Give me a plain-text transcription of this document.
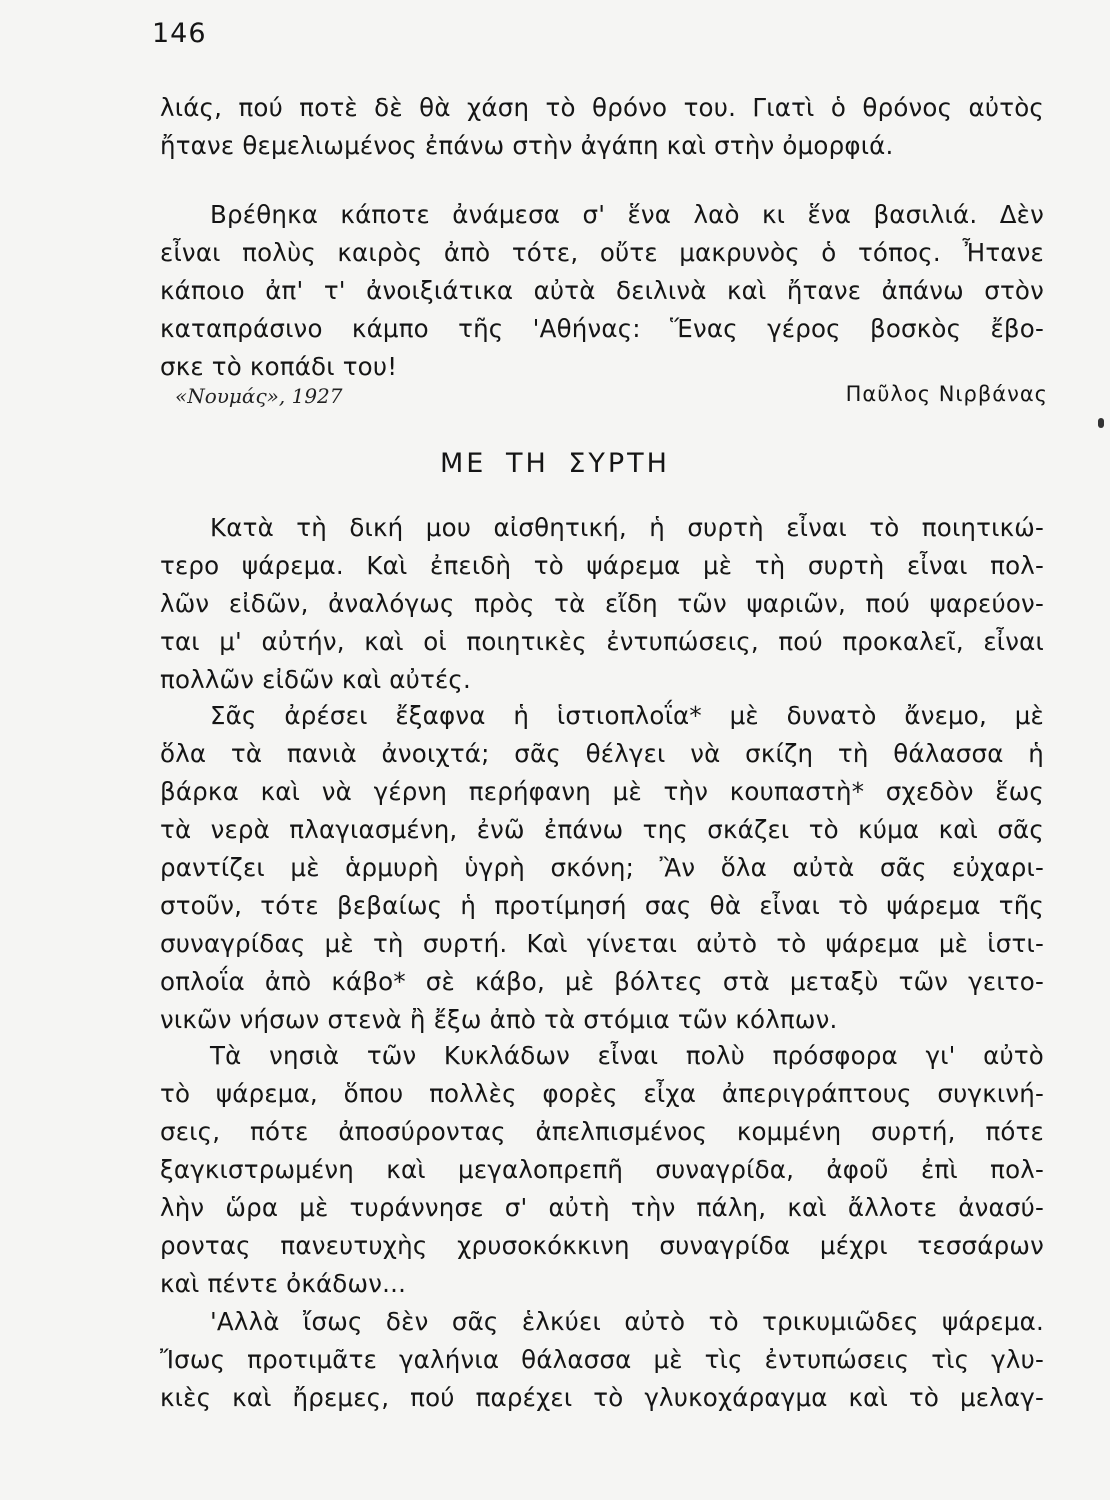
146
λιάς, πού ποτὲ δὲ θὰ χάση τὸ θρόνο του. Γιατὶ ὁ θρόνος αὐτὸς
ἤτανε θεμελιωμένος ἐπάνω στὴν ἀγάπη καὶ στὴν ὀμορφιά.
Βρέθηκα κάποτε ἀνάμεσα σ' ἕνα λαὸ κι ἕνα βασιλιά. Δὲν
εἶναι πολὺς καιρὸς ἀπὸ τότε, οὔτε μακρυνὸς ὁ τόπος. Ἦτανε
κάποιο ἀπ' τ' ἀνοιξιάτικα αὐτὰ δειλινὰ καὶ ἤτανε ἀπάνω στὸν
καταπράσινο κάμπο τῆς 'Αθήνας: Ἕνας γέρος βοσκὸς ἔβο-
σκε τὸ κοπάδι του!
«Νουμάς», 1927	Παῦλος Νιρβάνας
ΜΕ ΤΗ ΣΥΡΤΗ
Κατὰ τὴ δική μου αἰσθητική, ἡ συρτὴ εἶναι τὸ ποιητικώ-
τερο ψάρεμα. Καὶ ἐπειδὴ τὸ ψάρεμα μὲ τὴ συρτὴ εἶναι πολ-
λῶν εἰδῶν, ἀναλόγως πρὸς τὰ εἴδη τῶν ψαριῶν, πού ψαρεύον-
ται μ' αὐτήν, καὶ οἱ ποιητικὲς ἐντυπώσεις, πού προκαλεῖ, εἶναι
πολλῶν εἰδῶν καὶ αὐτές.
Σᾶς ἀρέσει ἔξαφνα ἡ ἱστιοπλοΐα* μὲ δυνατὸ ἄνεμο, μὲ
ὅλα τὰ πανιὰ ἀνοιχτά; σᾶς θέλγει νὰ σκίζη τὴ θάλασσα ἡ
βάρκα καὶ νὰ γέρνη περήφανη μὲ τὴν κουπαστὴ* σχεδὸν ἕως
τὰ νερὰ πλαγιασμένη, ἐνῶ ἐπάνω της σκάζει τὸ κύμα καὶ σᾶς
ραντίζει μὲ ἁρμυρὴ ὑγρὴ σκόνη; Ἂν ὅλα αὐτὰ σᾶς εὐχαρι-
στοῦν, τότε βεβαίως ἡ προτίμησή σας θὰ εἶναι τὸ ψάρεμα τῆς
συναγρίδας μὲ τὴ συρτή. Καὶ γίνεται αὐτὸ τὸ ψάρεμα μὲ ἱστι-
οπλοΐα ἀπὸ κάβο* σὲ κάβο, μὲ βόλτες στὰ μεταξὺ τῶν γειτο-
νικῶν νήσων στενὰ ἢ ἔξω ἀπὸ τὰ στόμια τῶν κόλπων.
Τὰ νησιὰ τῶν Κυκλάδων εἶναι πολὺ πρόσφορα γι' αὐτὸ
τὸ ψάρεμα, ὅπου πολλὲς φορὲς εἶχα ἀπεριγράπτους συγκινή-
σεις, πότε ἀποσύροντας ἀπελπισμένος κομμένη συρτή, πότε
ξαγκιστρωμένη καὶ μεγαλοπρεπῆ συναγρίδα, ἀφοῦ ἐπὶ πολ-
λὴν ὥρα μὲ τυράννησε σ' αὐτὴ τὴν πάλη, καὶ ἄλλοτε ἀνασύ-
ροντας πανευτυχὴς χρυσοκόκκινη συναγρίδα μέχρι τεσσάρων
καὶ πέντε ὀκάδων...
'Αλλὰ ἴσως δὲν σᾶς ἑλκύει αὐτὸ τὸ τρικυμιῶδες ψάρεμα.
Ἴσως προτιμᾶτε γαλήνια θάλασσα μὲ τὶς ἐντυπώσεις τὶς γλυ-
κιὲς καὶ ἤρεμες, πού παρέχει τὸ γλυκοχάραγμα καὶ τὸ μελαγ-
